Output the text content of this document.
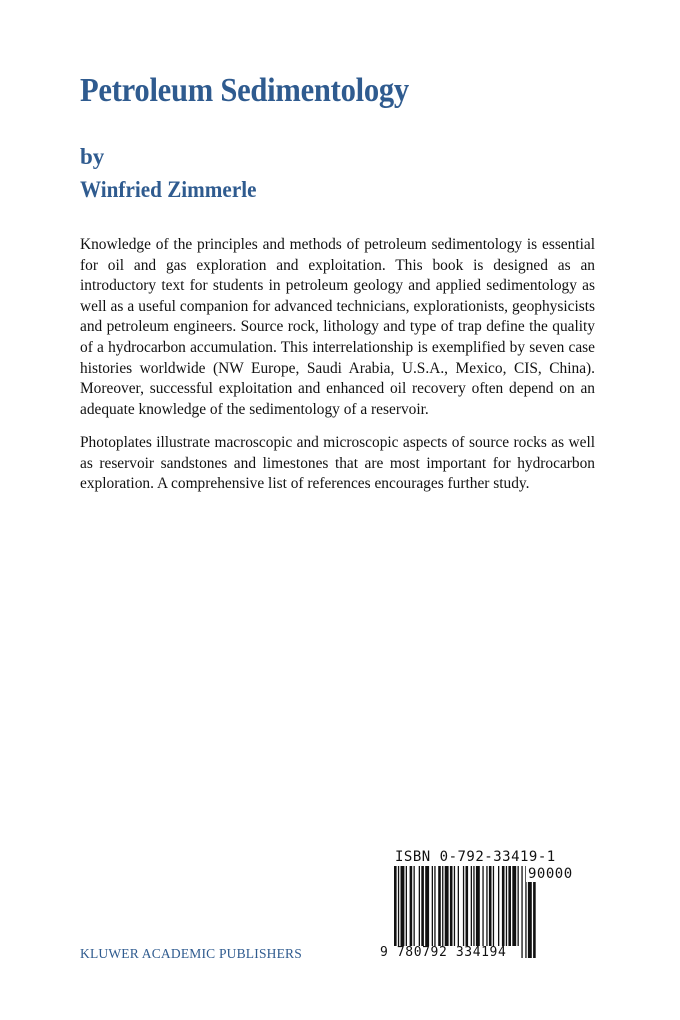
Petroleum Sedimentology
by
Winfried Zimmerle

Knowledge of the principles and methods of petroleum sedimentology is essential for oil and gas exploration and exploitation. This book is designed as an introductory text for students in petroleum geology and applied sedimentology as well as a useful companion for advanced technicians, explorationists, geophysicists and petroleum engineers. Source rock, lithology and type of trap define the quality of a hydrocarbon accumulation. This interrelationship is exemplified by seven case histories worldwide (NW Europe, Saudi Arabia, U.S.A., Mexico, CIS, China). Moreover, successful exploitation and enhanced oil recovery often depend on an adequate knowledge of the sedimentology of a reservoir.

Photoplates illustrate macroscopic and microscopic aspects of source rocks as well as reservoir sandstones and limestones that are most important for hydrocarbon exploration. A comprehensive list of references encourages further study.

KLUWER ACADEMIC PUBLISHERS
ISBN 0-792-33419-1
90000
9 780792 334194
